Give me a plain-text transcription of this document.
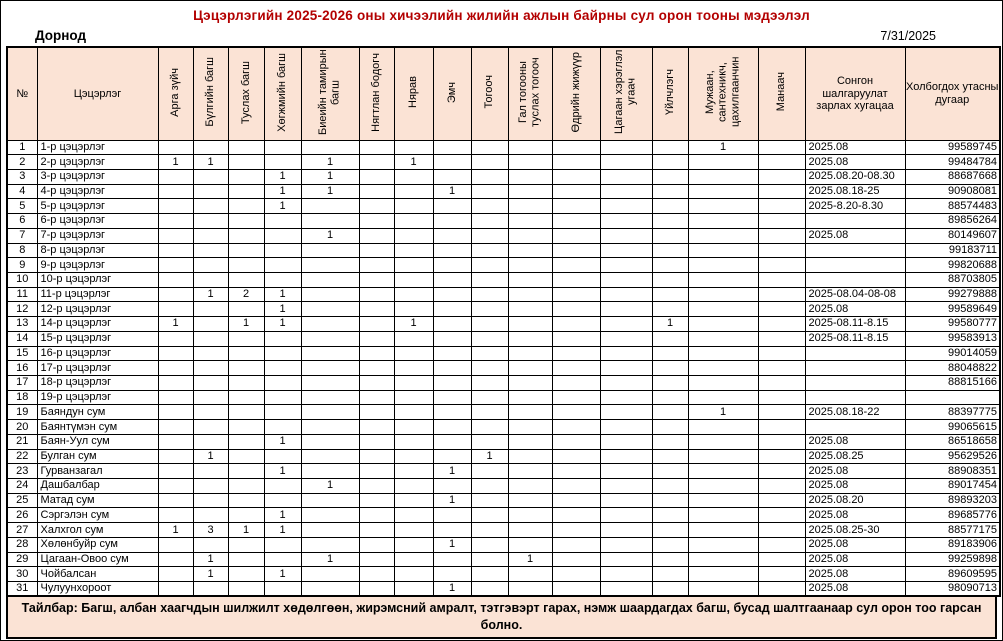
Цэцэрлэгийн 2025-2026 оны хичээлийн жилийн ажлын байрны сул орон тооны мэдээлэл
Дорнод	7/31/2025
№	Цэцэрлэг	Арга зүйч	Бүлгийн багш	Туслах багш	Хөгжмийн багш	Биеийн тамирын багш	Нягтлан бодогч	Нярав	Эмч	Тогооч	Гал тогооны туслах тогооч	Өдрийн жижүүр	Цагаан хэрэглэл угаач	Үйлчлэгч	Мужаан, сантехникч, цахилгаанчин	Манаач	Сонгон шалгаруулат зарлах хугацаа	Холбогдох утасны дугаар
1	1-р цэцэрлэг														1		2025.08	99589745
2	2-р цэцэрлэг	1	1			1		1									2025.08	99484784
3	3-р цэцэрлэг				1	1											2025.08.20-08.30	88687668
4	4-р цэцэрлэг				1	1			1								2025.08.18-25	90908081
5	5-р цэцэрлэг				1												2025-8.20-8.30	88574483
6	6-р цэцэрлэг																	89856264
7	7-р цэцэрлэг					1											2025.08	80149607
8	8-р цэцэрлэг																	99183711
9	9-р цэцэрлэг																	99820688
10	10-р цэцэрлэг																	88703805
11	11-р цэцэрлэг		1	2	1												2025-08.04-08-08	99279888
12	12-р цэцэрлэг				1												2025.08	99589649
13	14-р цэцэрлэг	1		1	1			1						1			2025-08.11-8.15	99580777
14	15-р цэцэрлэг																2025-08.11-8.15	99583913
15	16-р цэцэрлэг																	99014059
16	17-р цэцэрлэг																	88048822
17	18-р цэцэрлэг																	88815166
18	19-р цэцэрлэг																	
19	Баяндун сум														1		2025.08.18-22	88397775
20	Баянтүмэн сум																	99065615
21	Баян-Уул сум				1												2025.08	86518658
22	Булган сум		1							1							2025.08.25	95629526
23	Гурванзагал				1				1								2025.08	88908351
24	Дашбалбар					1											2025.08	89017454
25	Матад сум								1								2025.08.20	89893203
26	Сэргэлэн сум				1												2025.08	89685776
27	Халхгол сум	1	3	1	1												2025.08.25-30	88577175
28	Хөлөнбуйр сум								1								2025.08	89183906
29	Цагаан-Овоо сум		1			1					1						2025.08	99259898
30	Чойбалсан		1		1												2025.08	89609595
31	Чулуунхороот								1								2025.08	98090713
Тайлбар: Багш, албан хаагчдын шилжилт хөдөлгөөн, жирэмсний амралт, тэтгэвэрт гарах, нэмж шаардагдах багш, бусад шалтгаанаар сул орон тоо гарсан болно.
